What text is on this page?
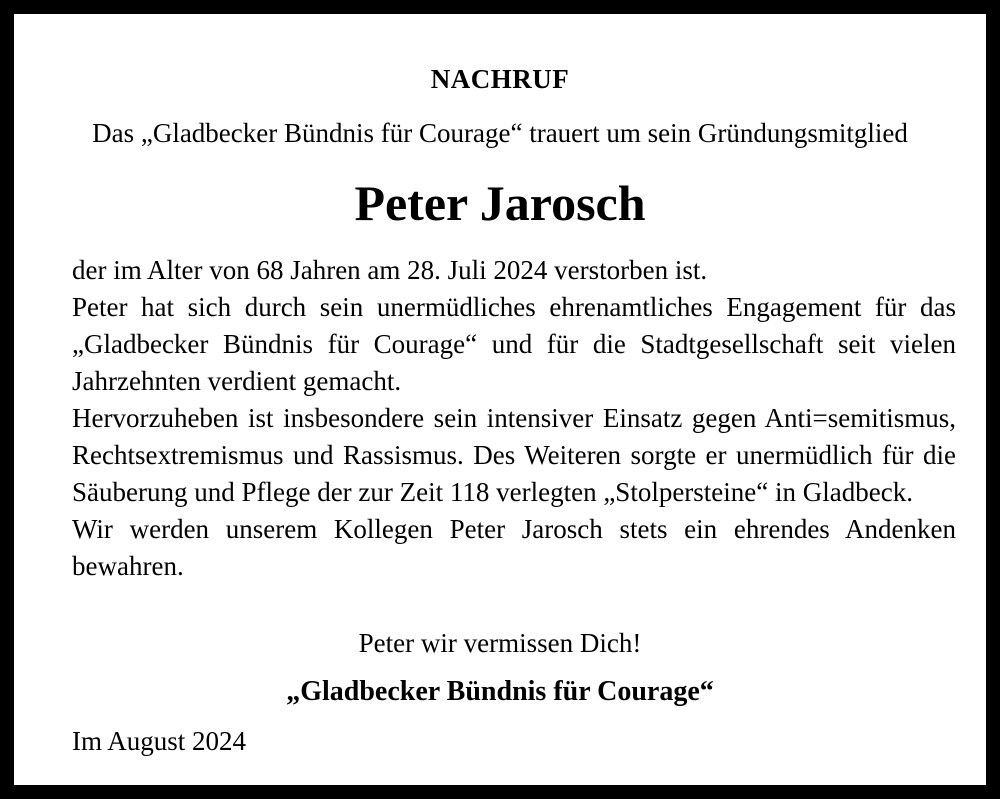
NACHRUF
Das „Gladbecker Bündnis für Courage“ trauert um sein Gründungsmitglied
Peter Jarosch

der im Alter von 68 Jahren am 28. Juli 2024 verstorben ist.

Peter hat sich durch sein unermüdliches ehrenamtliches Engagement für das „Gladbecker Bündnis für Courage“ und für die Stadtgesellschaft seit vielen Jahrzehnten verdient gemacht.

Hervorzuheben ist insbesondere sein intensiver Einsatz gegen Anti=semitismus, Rechtsextremismus und Rassismus. Des Weiteren sorgte er unermüdlich für die Säuberung und Pflege der zur Zeit 118 verlegten „Stolpersteine“ in Gladbeck.

Wir werden unserem Kollegen Peter Jarosch stets ein ehrendes Andenken bewahren.

Peter wir vermissen Dich!
„Gladbecker Bündnis für Courage“
Im August 2024
